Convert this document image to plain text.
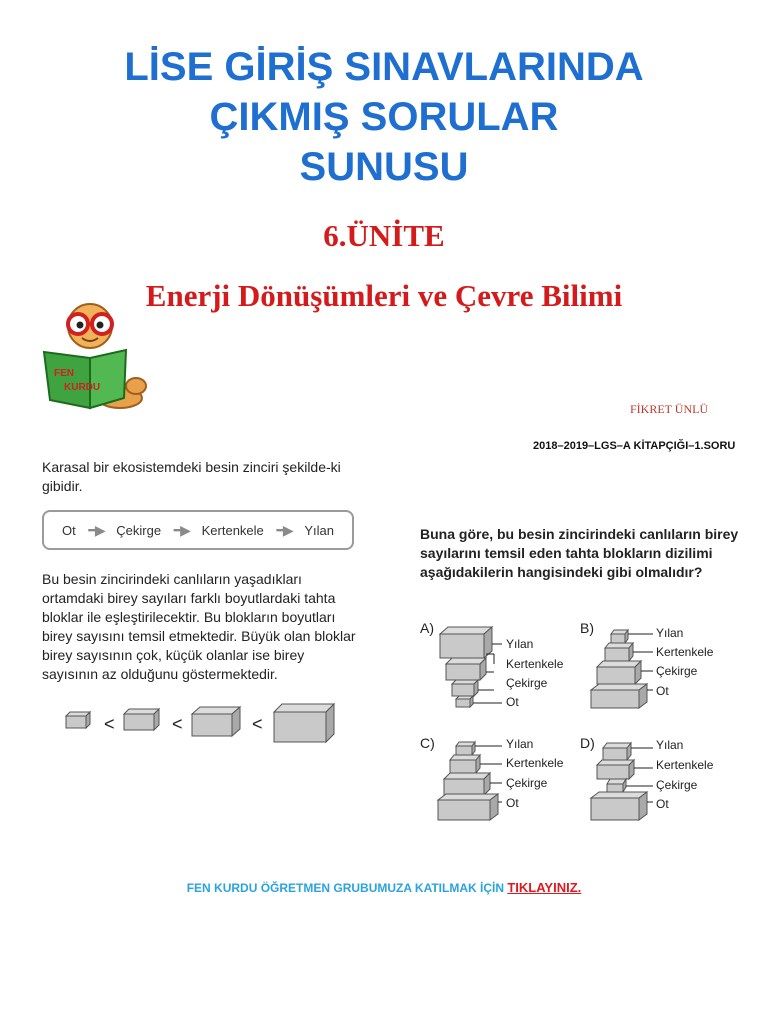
LİSE GİRİŞ SINAVLARINDA
ÇIKMIŞ SORULAR
SUNUSU
6.ÜNİTE
Enerji Dönüşümleri ve Çevre Bilimi
FEN
KURDU
FİKRET ÜNLÜ
2018–2019–LGS–A KİTAPÇIĞI–1.SORU
Karasal bir ekosistemdeki besin zinciri şekilde-ki gibidir.
Ot ━▶ Çekirge ━▶ Kertenkele ━▶ Yılan
Bu besin zincirindeki canlıların yaşadıkları ortamdaki birey sayıları farklı boyutlardaki tahta bloklar ile eşleştirilecektir. Bu blokların boyutları birey sayısını temsil etmektedir. Büyük olan bloklar birey sayısının çok, küçük olanlar ise birey sayısının az olduğunu göstermektedir.
<	<	<
Buna göre, bu besin zincirindeki canlıların birey sayılarını temsil eden tahta blokların dizilimi aşağıdakilerin hangisindeki gibi olmalıdır?
A)
Yılan
Kertenkele
Çekirge
Ot
B)	Yılan
Kertenkele
Çekirge
Ot
C)	Yılan
Kertenkele
Çekirge
Ot
D)	Yılan
Kertenkele
Çekirge
Ot
FEN KURDU ÖĞRETMEN GRUBUMUZA KATILMAK İÇİN TIKLAYINIZ.
